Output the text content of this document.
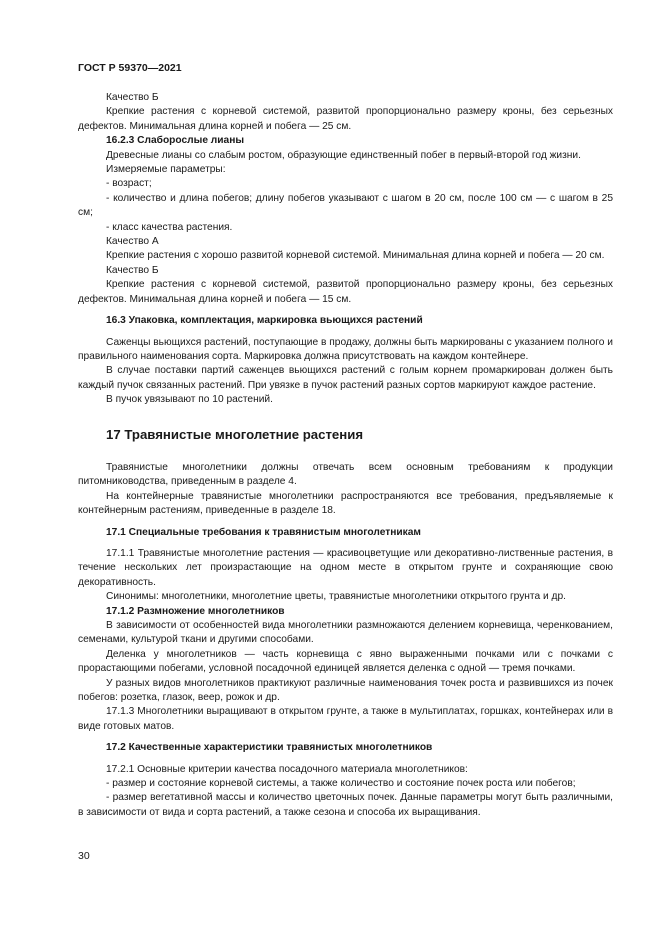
ГОСТ Р 59370—2021

Качество Б

Крепкие растения с корневой системой, развитой пропорционально размеру кроны, без серьезных дефектов. Минимальная длина корней и побега — 25 см.

16.2.3 Слаборослые лианы

Древесные лианы со слабым ростом, образующие единственный побег в первый-второй год жизни.

Измеряемые параметры:

- возраст;

- количество и длина побегов; длину побегов указывают с шагом в 20 см, после 100 см — с шагом в 25 см;

- класс качества растения.

Качество А

Крепкие растения с хорошо развитой корневой системой. Минимальная длина корней и побега — 20 см.

Качество Б

Крепкие растения с корневой системой, развитой пропорционально размеру кроны, без серьезных дефектов. Минимальная длина корней и побега — 15 см.

16.3 Упаковка, комплектация, маркировка вьющихся растений

Саженцы вьющихся растений, поступающие в продажу, должны быть маркированы с указанием полного и правильного наименования сорта. Маркировка должна присутствовать на каждом контейнере.

В случае поставки партий саженцев вьющихся растений с голым корнем промаркирован должен быть каждый пучок связанных растений. При увязке в пучок растений разных сортов маркируют каждое растение.

В пучок увязывают по 10 растений.

17 Травянистые многолетние растения

Травянистые многолетники должны отвечать всем основным требованиям к продукции питомниководства, приведенным в разделе 4.

На контейнерные травянистые многолетники распространяются все требования, предъявляемые к контейнерным растениям, приведенные в разделе 18.

17.1 Специальные требования к травянистым многолетникам

17.1.1 Травянистые многолетние растения — красивоцветущие или декоративно-лиственные растения, в течение нескольких лет произрастающие на одном месте в открытом грунте и сохраняющие свою декоративность.

Синонимы: многолетники, многолетние цветы, травянистые многолетники открытого грунта и др.

17.1.2 Размножение многолетников

В зависимости от особенностей вида многолетники размножаются делением корневища, черенкованием, семенами, культурой ткани и другими способами.

Деленка у многолетников — часть корневища с явно выраженными почками или с почками с прорастающими побегами, условной посадочной единицей является деленка с одной — тремя почками.

У разных видов многолетников практикуют различные наименования точек роста и развившихся из почек побегов: розетка, глазок, веер, рожок и др.

17.1.3 Многолетники выращивают в открытом грунте, а также в мультиплатах, горшках, контейнерах или в виде готовых матов.

17.2 Качественные характеристики травянистых многолетников

17.2.1 Основные критерии качества посадочного материала многолетников:

- размер и состояние корневой системы, а также количество и состояние почек роста или побегов;

- размер вегетативной массы и количество цветочных почек. Данные параметры могут быть различными, в зависимости от вида и сорта растений, а также сезона и способа их выращивания.

30
